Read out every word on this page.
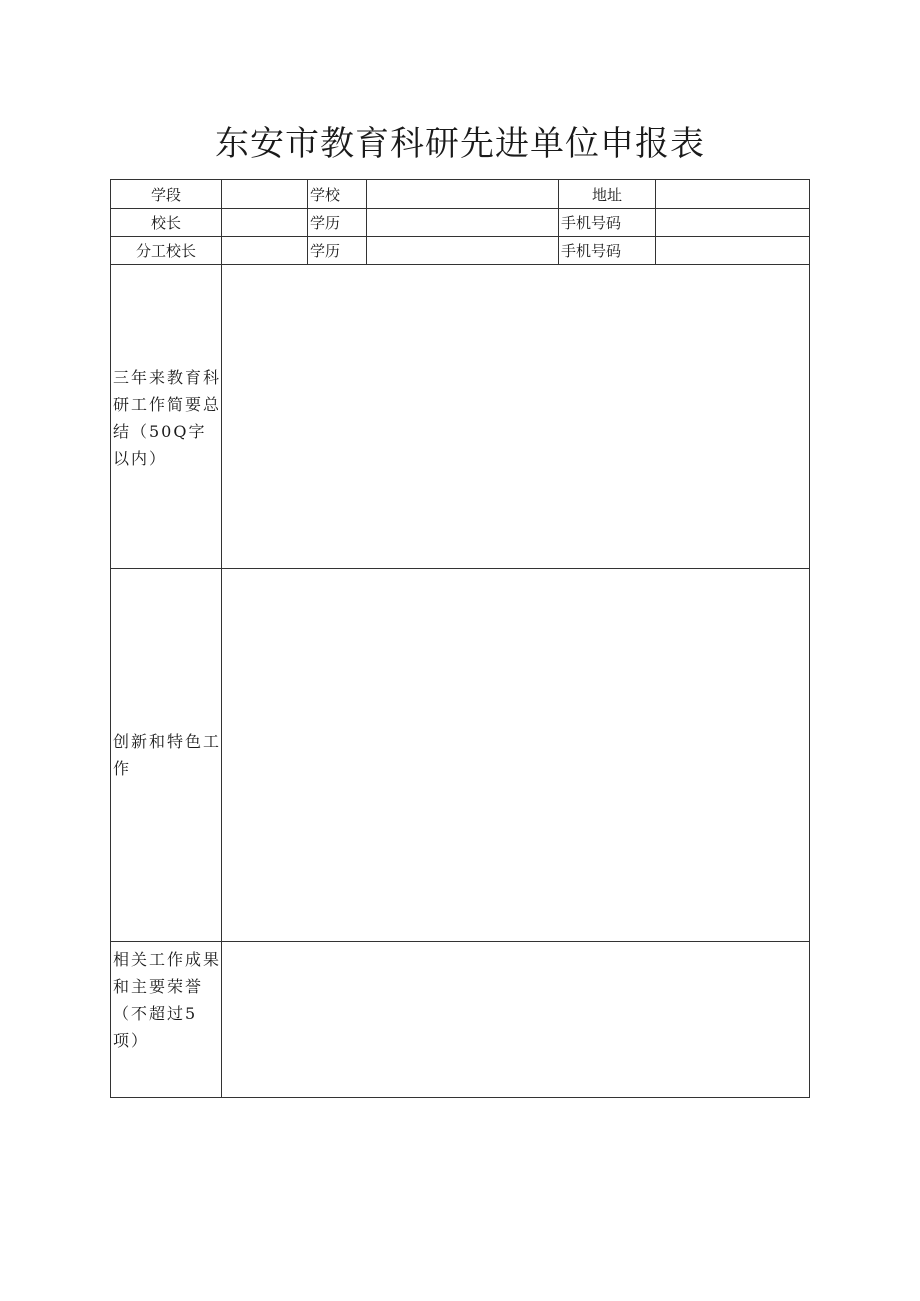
东安市教育科研先进单位申报表
学段		学校		地址	
校长		学历		手机号码	
分工校长		学历		手机号码	
三年来教育科研工作简要总结（50Q字以内）					
创新和特色工作					
相关工作成果和主要荣誉（不超过5项）					
